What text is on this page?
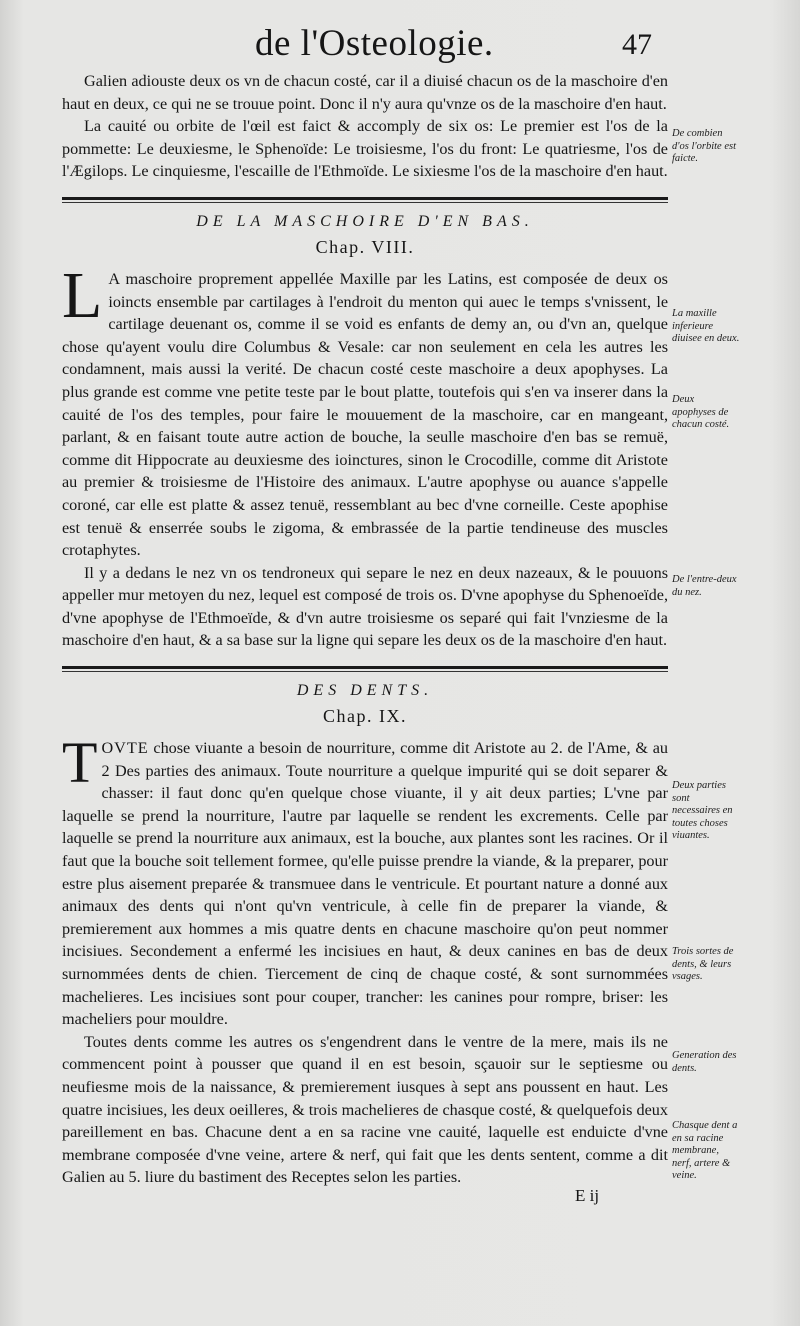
de l'Osteologie.	47

Galien adiouste deux os vn de chacun costé, car il a diuisé chacun os de la maschoire d'en haut en deux, ce qui ne se trouue point. Donc il n'y aura qu'vnze os de la maschoire d'en haut.

La cauité ou orbite de l'œil est faict & accomply de six os: Le premier est l'os de la pommette: Le deuxiesme, le Sphenoïde: Le troisiesme, l'os du front: Le quatriesme, l'os de l'Ægilops. Le cinquiesme, l'escaille de l'Ethmoïde. Le sixiesme l'os de la maschoire d'en haut.

DE LA MASCHOIRE D'EN BAS.
Chap. VIII.

L A maschoire proprement appellée Maxille par les Latins, est composée de deux os ioincts ensemble par cartilages à l'endroit du menton qui auec le temps s'vnissent, le cartilage deuenant os, comme il se void es enfants de demy an, ou d'vn an, quelque chose qu'ayent voulu dire Columbus & Vesale: car non seulement en cela les autres les condamnent, mais aussi la verité. De chacun costé ceste maschoire a deux apophyses. La plus grande est comme vne petite teste par le bout platte, toutefois qui s'en va inserer dans la cauité de l'os des temples, pour faire le mouuement de la maschoire, car en mangeant, parlant, & en faisant toute autre action de bouche, la seulle maschoire d'en bas se remuë, comme dit Hippocrate au deuxiesme des ioinctures, sinon le Crocodille, comme dit Aristote au premier & troisiesme de l'Histoire des animaux. L'autre apophyse ou auance s'appelle coroné, car elle est platte & assez tenuë, ressemblant au bec d'vne corneille. Ceste apophise est tenuë & enserrée soubs le zigoma, & embrassée de la partie tendineuse des muscles crotaphytes.

Il y a dedans le nez vn os tendroneux qui separe le nez en deux nazeaux, & le pouuons appeller mur metoyen du nez, lequel est composé de trois os. D'vne apophyse du Sphenoeïde, d'vne apophyse de l'Ethmoeïde, & d'vn autre troisiesme os separé qui fait l'vnziesme de la maschoire d'en haut, & a sa base sur la ligne qui separe les deux os de la maschoire d'en haut.

DES DENTS.
Chap. IX.

TOVTE chose viuante a besoin de nourriture, comme dit Aristote au 2. de l'Ame, & au 2 Des parties des animaux. Toute nourriture a quelque impurité qui se doit separer & chasser: il faut donc qu'en quelque chose viuante, il y ait deux parties; L'vne par laquelle se prend la nourriture, l'autre par laquelle se rendent les excrements. Celle par laquelle se prend la nourriture aux animaux, est la bouche, aux plantes sont les racines. Or il faut que la bouche soit tellement formee, qu'elle puisse prendre la viande, & la preparer, pour estre plus aisement preparée & transmuee dans le ventricule. Et pourtant nature a donné aux animaux des dents qui n'ont qu'vn ventricule, à celle fin de preparer la viande, & premierement aux hommes a mis quatre dents en chacune maschoire qu'on peut nommer incisiues. Secondement a enfermé les incisiues en haut, & deux canines en bas de deux surnommées dents de chien. Tiercement de cinq de chaque costé, & sont surnommées machelieres. Les incisiues sont pour couper, trancher: les canines pour rompre, briser: les macheliers pour mouldre.

Toutes dents comme les autres os s'engendrent dans le ventre de la mere, mais ils ne commencent point à pousser que quand il en est besoin, sçauoir sur le septiesme ou neufiesme mois de la naissance, & premierement iusques à sept ans poussent en haut. Les quatre incisiues, les deux oeilleres, & trois machelieres de chasque costé, & quelquefois deux pareillement en bas. Chacune dent a en sa racine vne cauité, laquelle est enduicte d'vne membrane composée d'vne veine, artere & nerf, qui fait que les dents sentent, comme a dit Galien au 5. liure du bastiment des Receptes selon les parties.

De combien d'os l'orbite est faicte.
La maxille inferieure diuisee en deux.
Deux apophyses de chacun costé.
De l'entre-deux du nez.
Deux parties sont necessaires en toutes choses viuantes.
Trois sortes de dents, & leurs vsages.
Generation des dents.
Chasque dent a en sa racine membrane, nerf, artere & veine.
E ij
